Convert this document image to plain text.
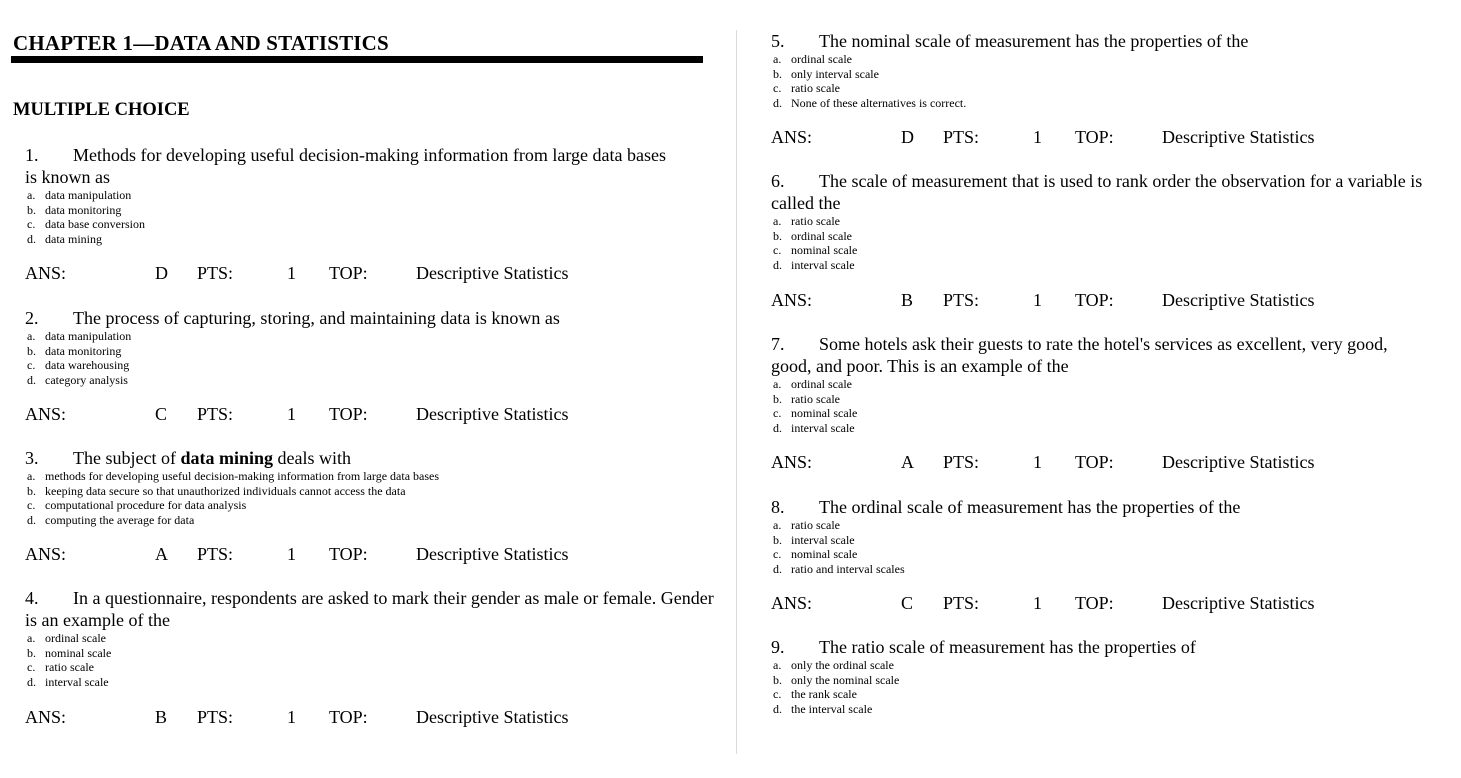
CHAPTER 1—DATA AND STATISTICS
MULTIPLE CHOICE
1. Methods for developing useful decision-making information from large data bases is known as
a. data manipulation
b. data monitoring
c. data base conversion
d. data mining
ANS:	D PTS:	1 TOP:	Descriptive Statistics
2. The process of capturing, storing, and maintaining data is known as
a. data manipulation
b. data monitoring
c. data warehousing
d. category analysis
ANS:	C PTS:	1 TOP:	Descriptive Statistics
3. The subject of data mining deals with
a. methods for developing useful decision-making information from large data bases
b. keeping data secure so that unauthorized individuals cannot access the data
c. computational procedure for data analysis
d. computing the average for data
ANS:	A PTS:	1 TOP:	Descriptive Statistics
4. In a questionnaire, respondents are asked to mark their gender as male or female. Gender is an example of the
a. ordinal scale
b. nominal scale
c. ratio scale
d. interval scale
ANS:	B PTS:	1 TOP:	Descriptive Statistics
5. The nominal scale of measurement has the properties of the
a. ordinal scale
b. only interval scale
c. ratio scale
d. None of these alternatives is correct.
ANS:	D PTS:	1 TOP:	Descriptive Statistics
6. The scale of measurement that is used to rank order the observation for a variable is called the
a. ratio scale
b. ordinal scale
c. nominal scale
d. interval scale
ANS:	B PTS:	1 TOP:	Descriptive Statistics
7. Some hotels ask their guests to rate the hotel's services as excellent, very good, good, and poor. This is an example of the
a. ordinal scale
b. ratio scale
c. nominal scale
d. interval scale
ANS:	A PTS:	1 TOP:	Descriptive Statistics
8. The ordinal scale of measurement has the properties of the
a. ratio scale
b. interval scale
c. nominal scale
d. ratio and interval scales
ANS:	C PTS:	1 TOP:	Descriptive Statistics
9. The ratio scale of measurement has the properties of
a. only the ordinal scale
b. only the nominal scale
c. the rank scale
d. the interval scale
